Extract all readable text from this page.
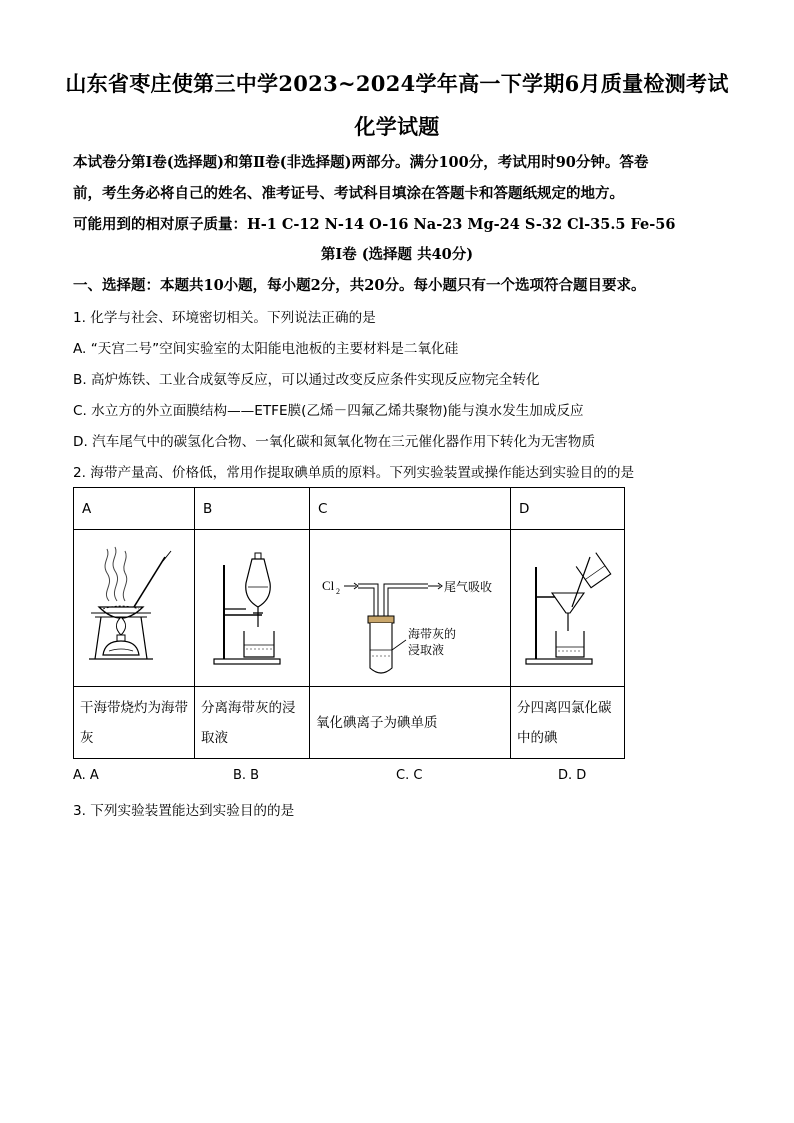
山东省枣庄使第三中学2023~2024学年高一下学期6月质量检测考试
化学试题
本试卷分第Ⅰ卷(选择题)和第Ⅱ卷(非选择题)两部分。满分100分，考试用时90分钟。答卷
前，考生务必将自己的姓名、准考证号、考试科目填涂在答题卡和答题纸规定的地方。
可能用到的相对原子质量：H-1 C-12 N-14 O-16 Na-23 Mg-24 S-32 Cl-35.5 Fe-56
第Ⅰ卷 (选择题 共40分)
一、选择题：本题共10小题，每小题2分，共20分。每小题只有一个选项符合题目要求。
1. 化学与社会、环境密切相关。下列说法正确的是
A. “天宫二号”空间实验室的太阳能电池板的主要材料是二氧化硅
B. 高炉炼铁、工业合成氨等反应，可以通过改变反应条件实现反应物完全转化
C. 水立方的外立面膜结构——ETFE膜(乙烯－四氟乙烯共聚物)能与溴水发生加成反应
D. 汽车尾气中的碳氢化合物、一氧化碳和氮氧化物在三元催化器作用下转化为无害物质
2. 海带产量高、价格低，常用作提取碘单质的原料。下列实验装置或操作能达到实验目的的是
A	B	C	D

Cl 2 尾气吸收
海带灰的
浸取液

干海带烧灼为海带灰	分离海带灰的浸取液	氧化碘离子为碘单质	分四离四氯化碳中的碘
A. A	B. B	C. C	D. D
3. 下列实验装置能达到实验目的的是
